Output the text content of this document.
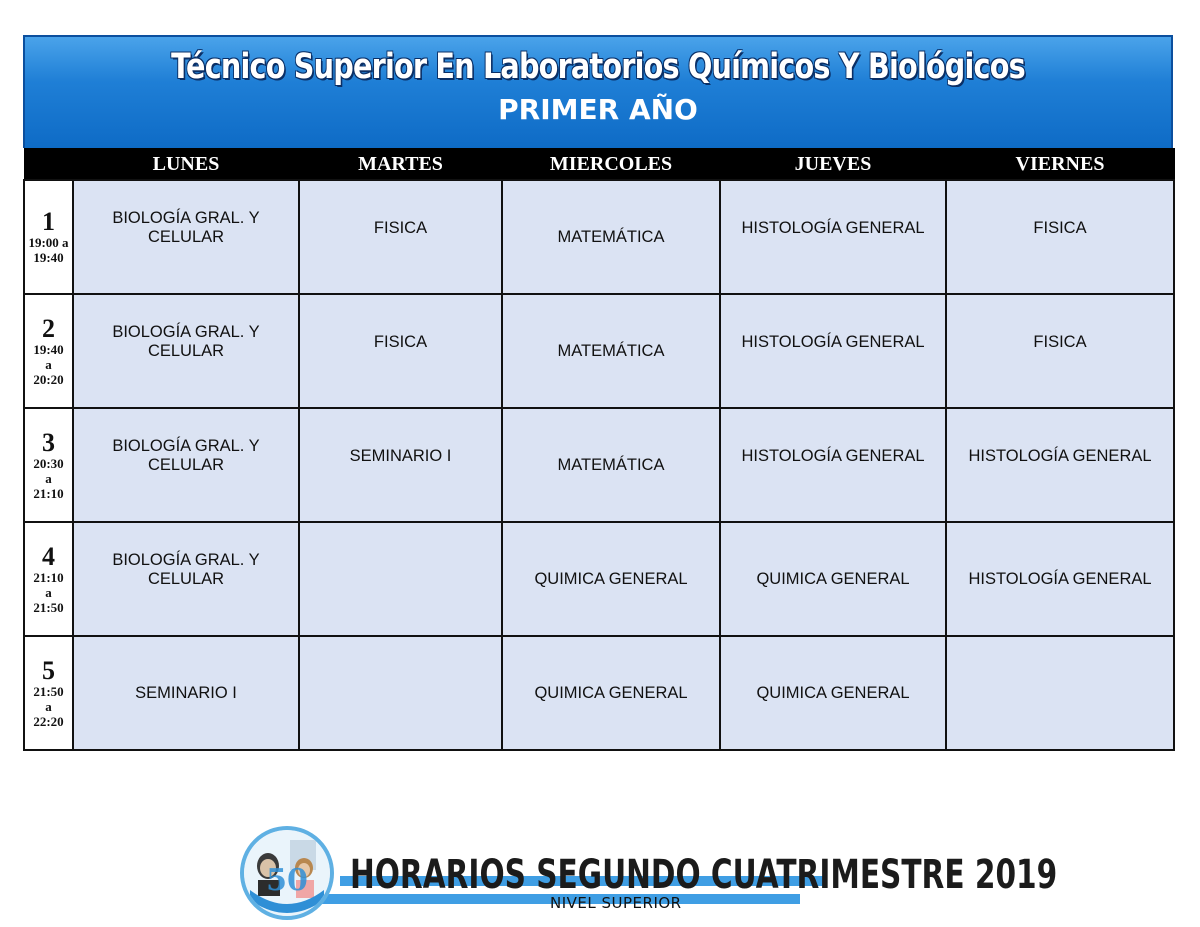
Técnico Superior En Laboratorios Químicos Y Biológicos
PRIMER AÑO
	LUNES	MARTES	MIERCOLES	JUEVES	VIERNES

1
19:00 a
19:40	BIOLOGÍA GRAL. Y
CELULAR	FISICA	MATEMÁTICA	HISTOLOGÍA GENERAL	FISICA

2
19:40
a
20:20	BIOLOGÍA GRAL. Y
CELULAR	FISICA	MATEMÁTICA	HISTOLOGÍA GENERAL	FISICA

3
20:30
a
21:10	BIOLOGÍA GRAL. Y
CELULAR	SEMINARIO I	MATEMÁTICA	HISTOLOGÍA GENERAL	HISTOLOGÍA GENERAL

4
21:10
a
21:50	BIOLOGÍA GRAL. Y
CELULAR		QUIMICA GENERAL	QUIMICA GENERAL	HISTOLOGÍA GENERAL

5
21:50
a
22:20	SEMINARIO I		QUIMICA GENERAL	QUIMICA GENERAL	
50 HORARIOS SEGUNDO CUATRIMESTRE 2019
NIVEL SUPERIOR
